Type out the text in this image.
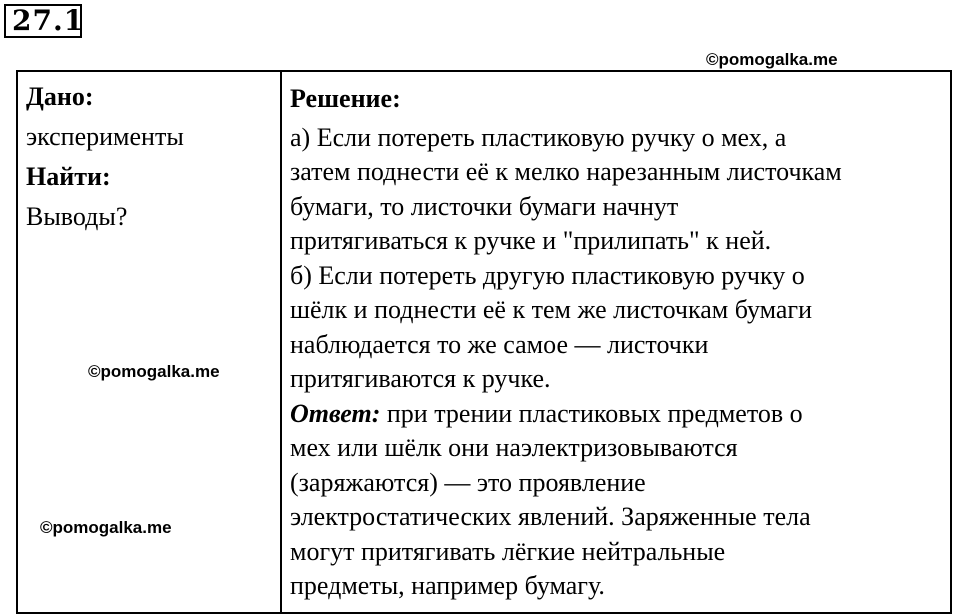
27.1
©pomogalka.me
Дано:
эксперименты
Найти:
Выводы?
Решение:
а) Если потереть пластиковую ручку о мех, а
затем поднести её к мелко нарезанным листочкам
бумаги, то листочки бумаги начнут
притягиваться к ручке и "прилипать" к ней.
б) Если потереть другую пластиковую ручку о
шёлк и поднести её к тем же листочкам бумаги
наблюдается то же самое — листочки
притягиваются к ручке.
Ответ: при трении пластиковых предметов о
мех или шёлк они наэлектризовываются
(заряжаются) — это проявление
электростатических явлений. Заряженные тела
могут притягивать лёгкие нейтральные
предметы, например бумагу.
©pomogalka.me
©pomogalka.me
